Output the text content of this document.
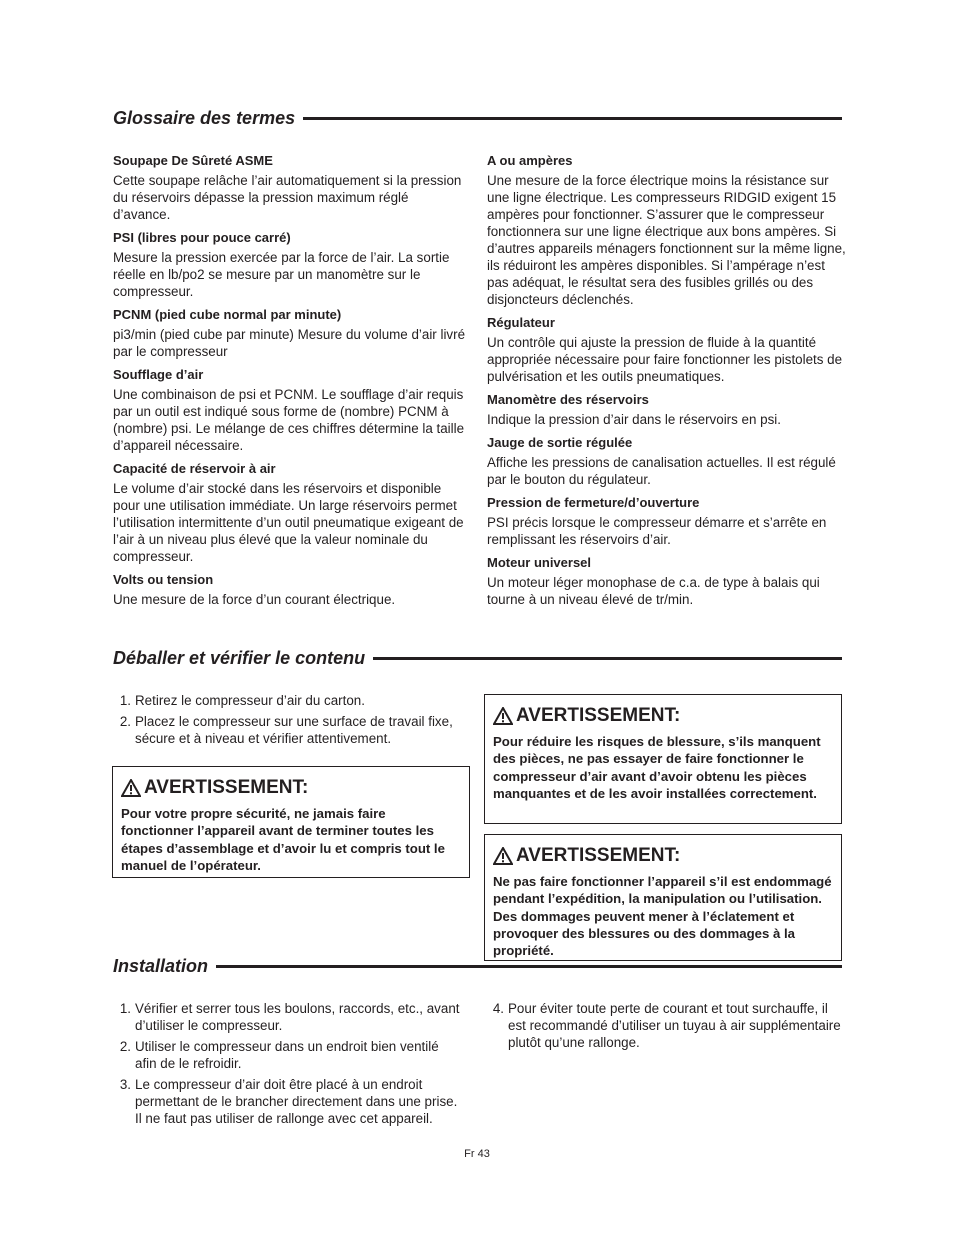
Glossaire des termes
Soupape De Sûreté ASME
Cette soupape relâche l’air automatiquement si la pression du réservoirs dépasse la pression maximum réglé d’avance.
PSI (libres pour pouce carré)
Mesure la pression exercée par la force de l’air. La sortie réelle en lb/po2 se mesure par un manomètre sur le compresseur.
PCNM (pied cube normal par minute)
pi3/min (pied cube par minute) Mesure du volume d’air livré par le compresseur
Soufflage d’air
Une combinaison de psi et PCNM. Le soufflage d’air requis par un outil est indiqué sous forme de (nombre) PCNM à (nombre) psi. Le mélange de ces chiffres détermine la taille d’appareil nécessaire.
Capacité de réservoir à air
Le volume d’air stocké dans les réservoirs et disponible pour une utilisation immédiate. Un large réservoirs permet l’utilisation intermittente d’un outil pneumatique exigeant de l’air à un niveau plus élevé que la valeur nominale du compresseur.
Volts ou tension
Une mesure de la force d’un courant électrique.
A ou ampères
Une mesure de la force électrique moins la résistance sur une ligne électrique. Les compresseurs RIDGID exigent 15 ampères pour fonctionner. S’assurer que le compresseur fonctionnera sur une ligne électrique aux bons ampères. Si d’autres appareils ménagers fonctionnent sur la même ligne, ils réduiront les ampères disponibles. Si l’ampérage n’est pas adéquat, le résultat sera des fusibles grillés ou des disjoncteurs déclenchés.
Régulateur
Un contrôle qui ajuste la pression de fluide à la quantité appropriée nécessaire pour faire fonctionner les pistolets de pulvérisation et les outils pneumatiques.
Manomètre des réservoirs
Indique la pression d’air dans le réservoirs en psi.
Jauge de sortie régulée
Affiche les pressions de canalisation actuelles. Il est régulé par le bouton du régulateur.
Pression de fermeture/d’ouverture
PSI précis lorsque le compresseur démarre et s’arrête en remplissant les réservoirs d’air.
Moteur universel
Un moteur léger monophase de c.a. de type à balais qui tourne à un niveau élevé de tr/min.
Déballer et vérifier le contenu
1. Retirez le compresseur d’air du carton.
2. Placez le compresseur sur une surface de travail fixe, sécure et à niveau et vérifier attentivement.
AVERTISSEMENT:
Pour votre propre sécurité, ne jamais faire fonctionner l’appareil avant de terminer toutes les étapes d’assemblage et d’avoir lu et compris tout le manuel de l’opérateur.
AVERTISSEMENT:
Pour réduire les risques de blessure, s’ils manquent des pièces, ne pas essayer de faire fonctionner le compresseur d’air avant d’avoir obtenu les pièces manquantes et de les avoir installées correctement.
AVERTISSEMENT:
Ne pas faire fonctionner l’appareil s’il est endommagé pendant l’expédition, la manipulation ou l’utilisation. Des dommages peuvent mener à l’éclatement et provoquer des blessures ou des dommages à la propriété.
Installation
1. Vérifier et serrer tous les boulons, raccords, etc., avant d’utiliser le compresseur.
2. Utiliser le compresseur dans un endroit bien ventilé afin de le refroidir.
3. Le compresseur d’air doit être placé à un endroit permettant de le brancher directement dans une prise. Il ne faut pas utiliser de rallonge avec cet appareil.
4. Pour éviter toute perte de courant et tout surchauffe, il est recommandé d’utiliser un tuyau à air supplémentaire plutôt qu’une rallonge.
Fr 43
